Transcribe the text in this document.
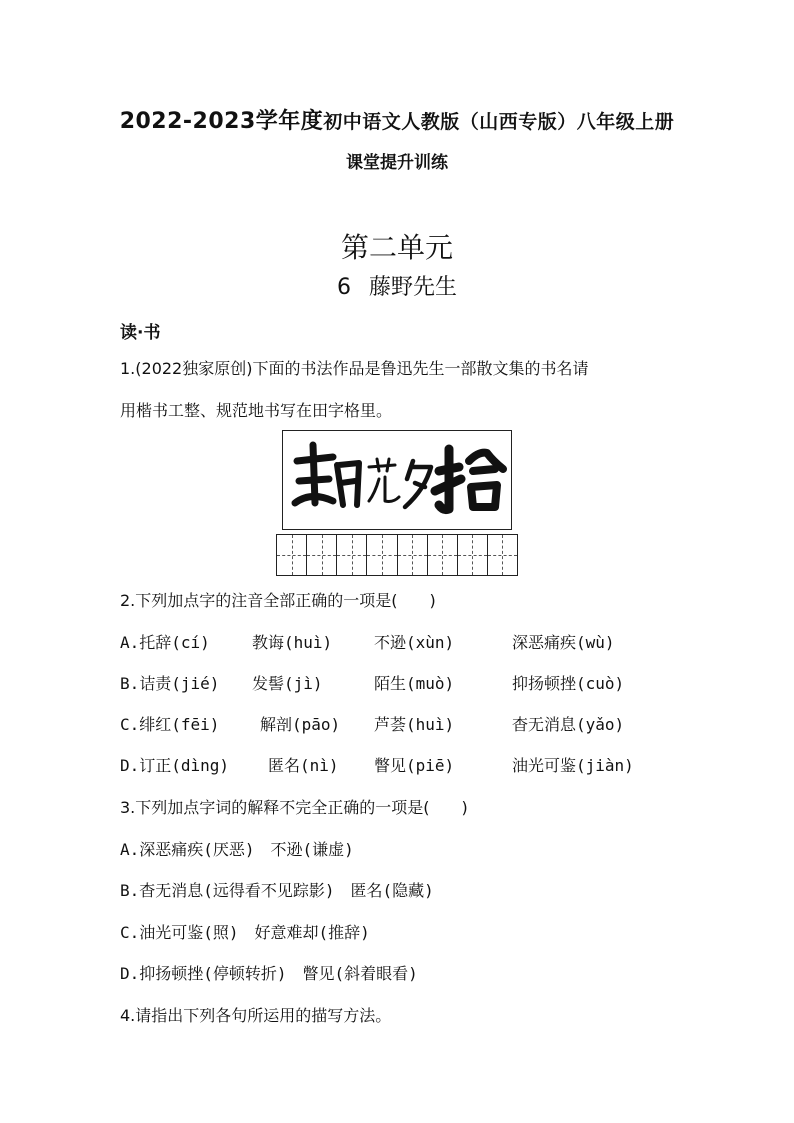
2022-2023学年度初中语文人教版（山西专版）八年级上册
课堂提升训练
第二单元
6 藤野先生
读·书
1.(2022独家原创)下面的书法作品是鲁迅先生一部散文集的书名请
用楷书工整、规范地书写在田字格里。
2.下列加点字的注音全部正确的一项是(　　)
A.托辞(cí)	教诲(huì)	不逊(xùn)	深恶痛疾(wù)
B.诘责(jié) 发髻(jì)	陌生(muò)	抑扬顿挫(cuò)
C.绯红(fēi)	解剖(pāo) 芦荟(huì)	杳无消息(yǎo)
D.订正(dìng) 匿名(nì) 瞥见(piē)	油光可鉴(jiàn)
3.下列加点字词的解释不完全正确的一项是(　　)
A.深恶痛疾(厌恶)　不逊(谦虚)
B.杳无消息(远得看不见踪影)　匿名(隐藏)
C.油光可鉴(照)　好意难却(推辞)
D.抑扬顿挫(停顿转折)　瞥见(斜着眼看)
4.请指出下列各句所运用的描写方法。
